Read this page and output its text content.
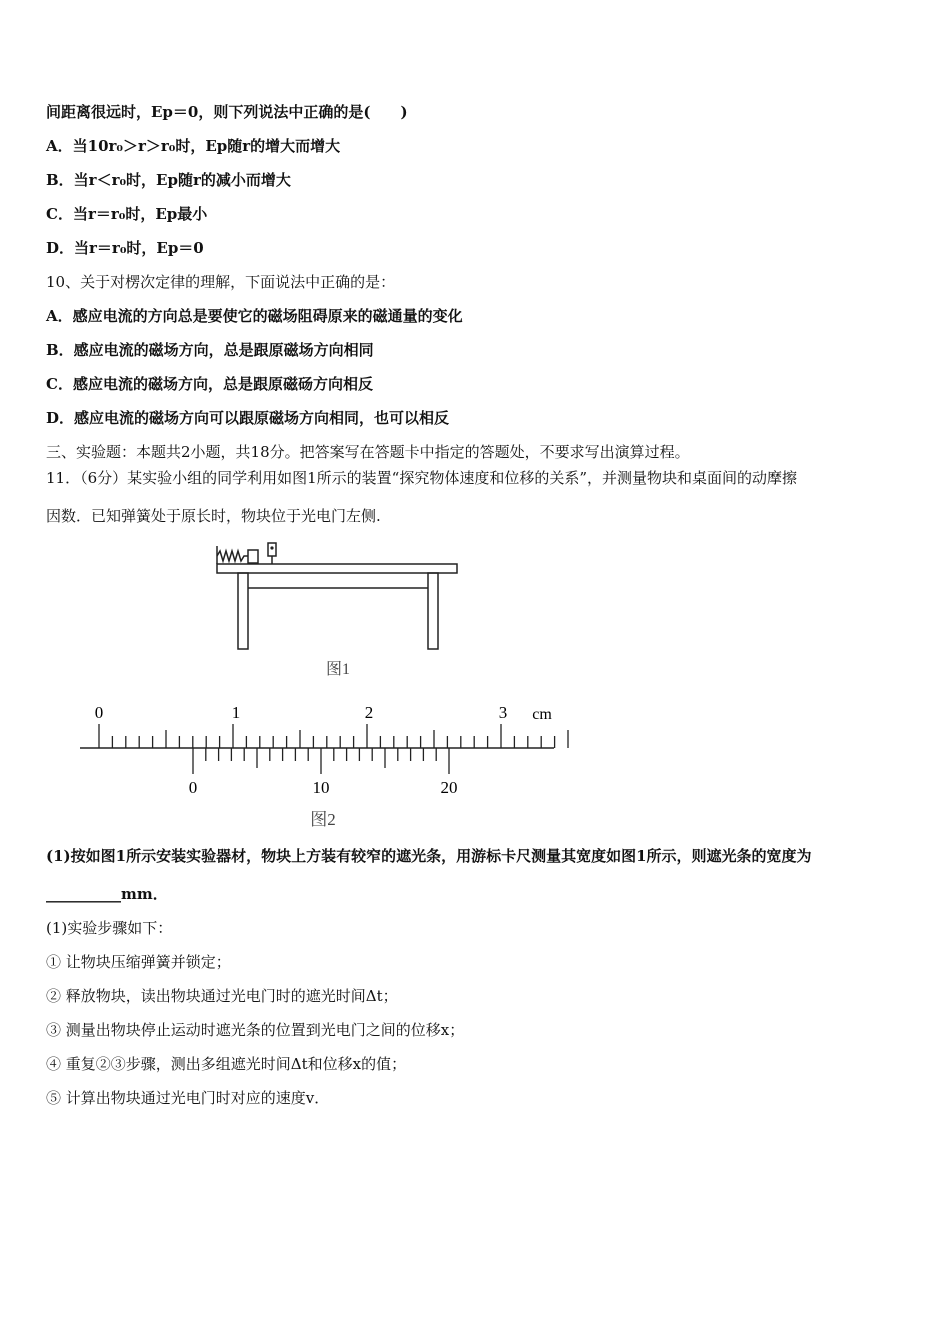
间距离很远时，Ep＝0，则下列说法中正确的是(　　)
A．当10r₀＞r＞r₀时，Ep随r的增大而增大
B．当r＜r₀时，Ep随r的减小而增大
C．当r＝r₀时，Ep最小
D．当r＝r₀时，Ep＝0
10、关于对楞次定律的理解，下面说法中正确的是：
A．感应电流的方向总是要使它的磁场阻碍原来的磁通量的变化
B．感应电流的磁场方向，总是跟原磁场方向相同
C．感应电流的磁场方向，总是跟原磁砀方向相反
D．感应电流的磁场方向可以跟原磁场方向相同，也可以相反
三、实验题：本题共2小题，共18分。把答案写在答题卡中指定的答题处，不要求写出演算过程。
11．（6分）某实验小组的同学利用如图1所示的装置“探究物体速度和位移的关系”，并测量物块和桌面间的动摩擦
因数．已知弹簧处于原长时，物块位于光电门左侧.
图1
0	1	2	3 cm
0	10	20
图2
(1)按如图1所示安装实验器材，物块上方装有较窄的遮光条，用游标卡尺测量其宽度如图1所示，则遮光条的宽度为
__________mm．
(1)实验步骤如下：
① 让物块压缩弹簧并锁定；
② 释放物块，读出物块通过光电门时的遮光时间Δt；
③ 测量出物块停止运动时遮光条的位置到光电门之间的位移x；
④ 重复②③步骤，测出多组遮光时间Δt和位移x的值；
⑤ 计算出物块通过光电门时对应的速度v．
